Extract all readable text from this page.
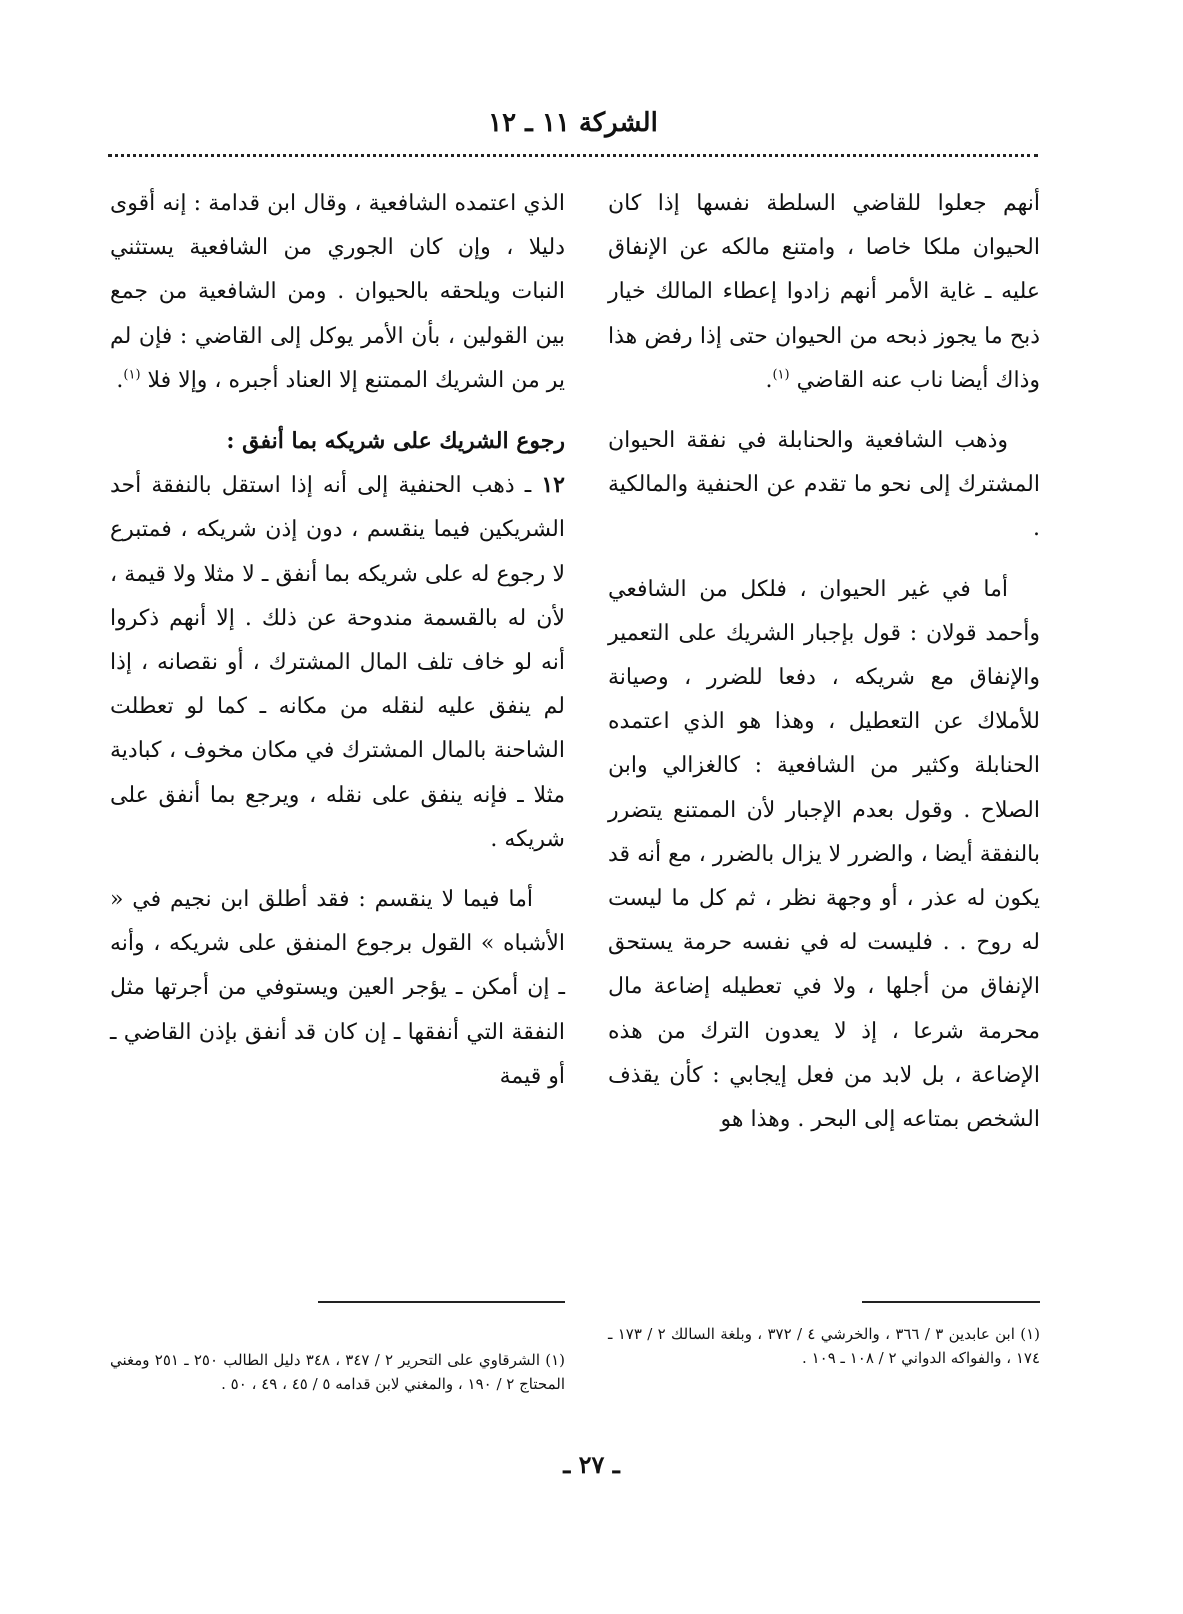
الشركة ١١ ـ ١٢

أنهم جعلوا للقاضي السلطة نفسها إذا كان الحيوان ملكا خاصا ، وامتنع مالكه عن الإنفاق عليه ـ غاية الأمر أنهم زادوا إعطاء المالك خيار ذبح ما يجوز ذبحه من الحيوان حتى إذا رفض هذا وذاك أيضا ناب عنه القاضي $^{(١)}$.

وذهب الشافعية والحنابلة في نفقة الحيوان المشترك إلى نحو ما تقدم عن الحنفية والمالكية .

أما في غير الحيوان ، فلكل من الشافعي وأحمد قولان : قول بإجبار الشريك على التعمير والإنفاق مع شريكه ، دفعا للضرر ، وصيانة للأملاك عن التعطيل ، وهذا هو الذي اعتمده الحنابلة وكثير من الشافعية : كالغزالي وابن الصلاح . وقول بعدم الإجبار لأن الممتنع يتضرر بالنفقة أيضا ، والضرر لا يزال بالضرر ، مع أنه قد يكون له عذر ، أو وجهة نظر ، ثم كل ما ليست له روح . . فليست له في نفسه حرمة يستحق الإنفاق من أجلها ، ولا في تعطيله إضاعة مال محرمة شرعا ، إذ لا يعدون الترك من هذه الإضاعة ، بل لابد من فعل إيجابي : كأن يقذف الشخص بمتاعه إلى البحر . وهذا هو

الذي اعتمده الشافعية ، وقال ابن قدامة : إنه أقوى دليلا ، وإن كان الجوري من الشافعية يستثني النبات ويلحقه بالحيوان . ومن الشافعية من جمع بين القولين ، بأن الأمر يوكل إلى القاضي : فإن لم ير من الشريك الممتنع إلا العناد أجبره ، وإلا فلا $^{(١)}$.

رجوع الشريك على شريكه بما أنفق :

١٢ ـ ذهب الحنفية إلى أنه إذا استقل بالنفقة أحد الشريكين فيما ينقسم ، دون إذن شريكه ، فمتبرع لا رجوع له على شريكه بما أنفق ـ لا مثلا ولا قيمة ، لأن له بالقسمة مندوحة عن ذلك . إلا أنهم ذكروا أنه لو خاف تلف المال المشترك ، أو نقصانه ، إذا لم ينفق عليه لنقله من مكانه ـ كما لو تعطلت الشاحنة بالمال المشترك في مكان مخوف ، كبادية مثلا ـ فإنه ينفق على نقله ، ويرجع بما أنفق على شريكه .

أما فيما لا ينقسم : فقد أطلق ابن نجيم في « الأشباه » القول برجوع المنفق على شريكه ، وأنه ـ إن أمكن ـ يؤجر العين ويستوفي من أجرتها مثل النفقة التي أنفقها ـ إن كان قد أنفق بإذن القاضي ـ أو قيمة

(١) ابن عابدين ٣ / ٣٦٦ ، والخرشي ٤ / ٣٧٢ ، وبلغة السالك ٢ / ١٧٣ ـ ١٧٤ ، والفواكه الدواني ٢ / ١٠٨ ـ ١٠٩ .
(١) الشرقاوي على التحرير ٢ / ٣٤٧ ، ٣٤٨ دليل الطالب ٢٥٠ ـ ٢٥١ ومغني المحتاج ٢ / ١٩٠ ، والمغني لابن قدامه ٥ / ٤٥ ، ٤٩ ، ٥٠ .
ـ ٢٧ ـ
